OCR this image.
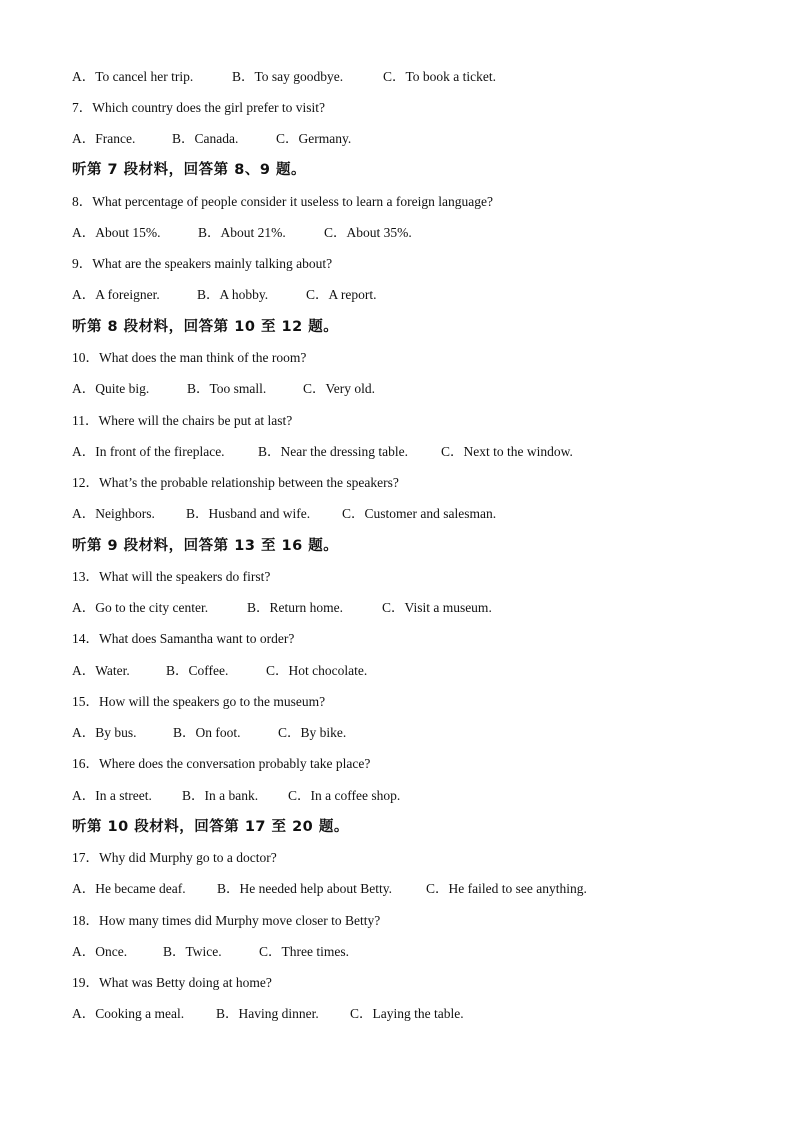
A．To cancel her trip.	B．To say goodbye.	C．To book a ticket.
7．Which country does the girl prefer to visit?
A．France.	B．Canada.	C．Germany.
听第 7 段材料，回答第 8、9 题。
8．What percentage of people consider it useless to learn a foreign language?
A．About 15%.	B．About 21%.	C．About 35%.
9．What are the speakers mainly talking about?
A．A foreigner.	B．A hobby.	C．A report.
听第 8 段材料，回答第 10 至 12 题。
10．What does the man think of the room?
A．Quite big.	B．Too small.	C．Very old.
11．Where will the chairs be put at last?
A．In front of the fireplace. B．Near the dressing table. C．Next to the window.
12．What’s the probable relationship between the speakers?
A．Neighbors. B．Husband and wife. C．Customer and salesman.
听第 9 段材料，回答第 13 至 16 题。
13．What will the speakers do first?
A．Go to the city center.	B．Return home.	C．Visit a museum.
14．What does Samantha want to order?
A．Water.	B．Coffee.	C．Hot chocolate.
15．How will the speakers go to the museum?
A．By bus.	B．On foot.	C．By bike.
16．Where does the conversation probably take place?
A．In a street. B．In a bank. C．In a coffee shop.
听第 10 段材料，回答第 17 至 20 题。
17．Why did Murphy go to a doctor?
A．He became deaf. B．He needed help about Betty.	C．He failed to see anything.
18．How many times did Murphy move closer to Betty?
A．Once.	B．Twice.	C．Three times.
19．What was Betty doing at home?
A．Cooking a meal. B．Having dinner. C．Laying the table.
